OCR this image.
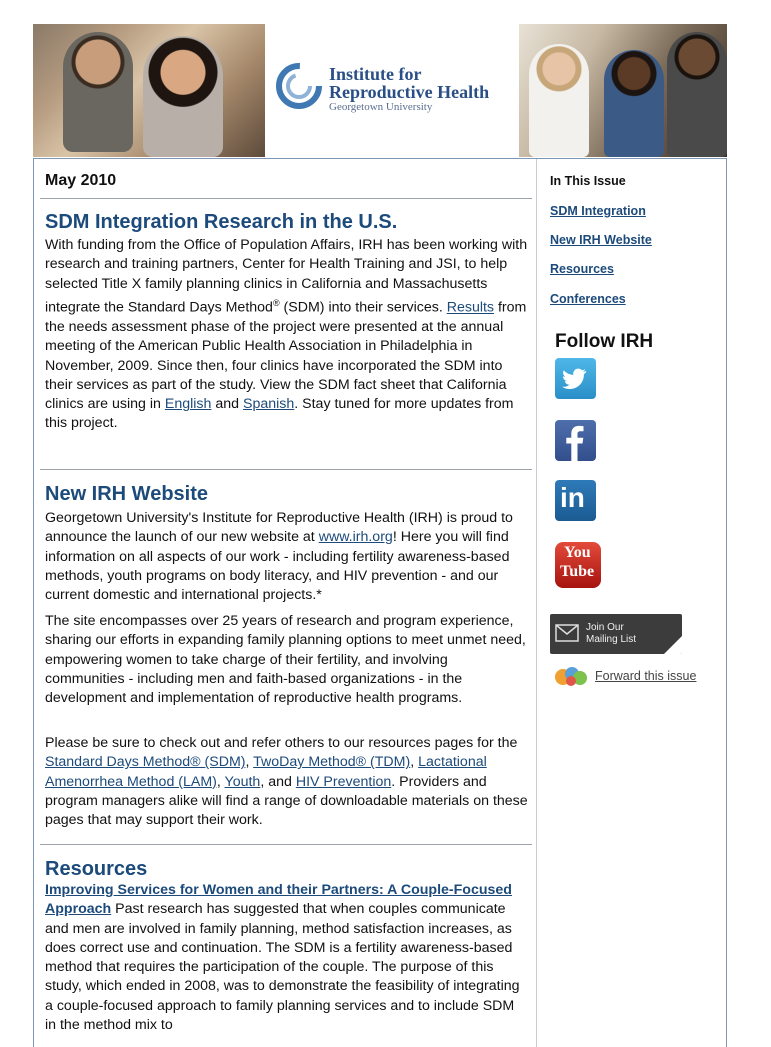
Institute for
Reproductive Health
Georgetown University
May 2010
SDM Integration Research in the U.S.
With funding from the Office of Population Affairs, IRH has been working with research and training partners, Center for Health Training and JSI, to help selected Title X family planning clinics in California and Massachusetts integrate the Standard Days Method® (SDM) into their services. Results from the needs assessment phase of the project were presented at the annual meeting of the American Public Health Association in Philadelphia in November, 2009. Since then, four clinics have incorporated the SDM into their services as part of the study. View the SDM fact sheet that California clinics are using in English and Spanish. Stay tuned for more updates from this project.
New IRH Website
Georgetown University's Institute for Reproductive Health (IRH) is proud to announce the launch of our new website at www.irh.org! Here you will find information on all aspects of our work - including fertility awareness-based methods, youth programs on body literacy, and HIV prevention - and our current domestic and international projects.*
The site encompasses over 25 years of research and program experience, sharing our efforts in expanding family planning options to meet unmet need, empowering women to take charge of their fertility, and involving communities - including men and faith-based organizations - in the development and implementation of reproductive health programs.
Please be sure to check out and refer others to our resources pages for the Standard Days Method® (SDM), TwoDay Method® (TDM), Lactational Amenorrhea Method (LAM), Youth, and HIV Prevention. Providers and program managers alike will find a range of downloadable materials on these pages that may support their work.
Resources
Improving Services for Women and their Partners: A Couple-Focused Approach Past research has suggested that when couples communicate and men are involved in family planning, method satisfaction increases, as does correct use and continuation. The SDM is a fertility awareness-based method that requires the participation of the couple. The purpose of this study, which ended in 2008, was to demonstrate the feasibility of integrating a couple-focused approach to family planning services and to include SDM in the method mix to
In This Issue
SDM Integration
New IRH Website
Resources
Conferences
Follow IRH
in
You
Tube
Join Our
Mailing List
Forward this issue
